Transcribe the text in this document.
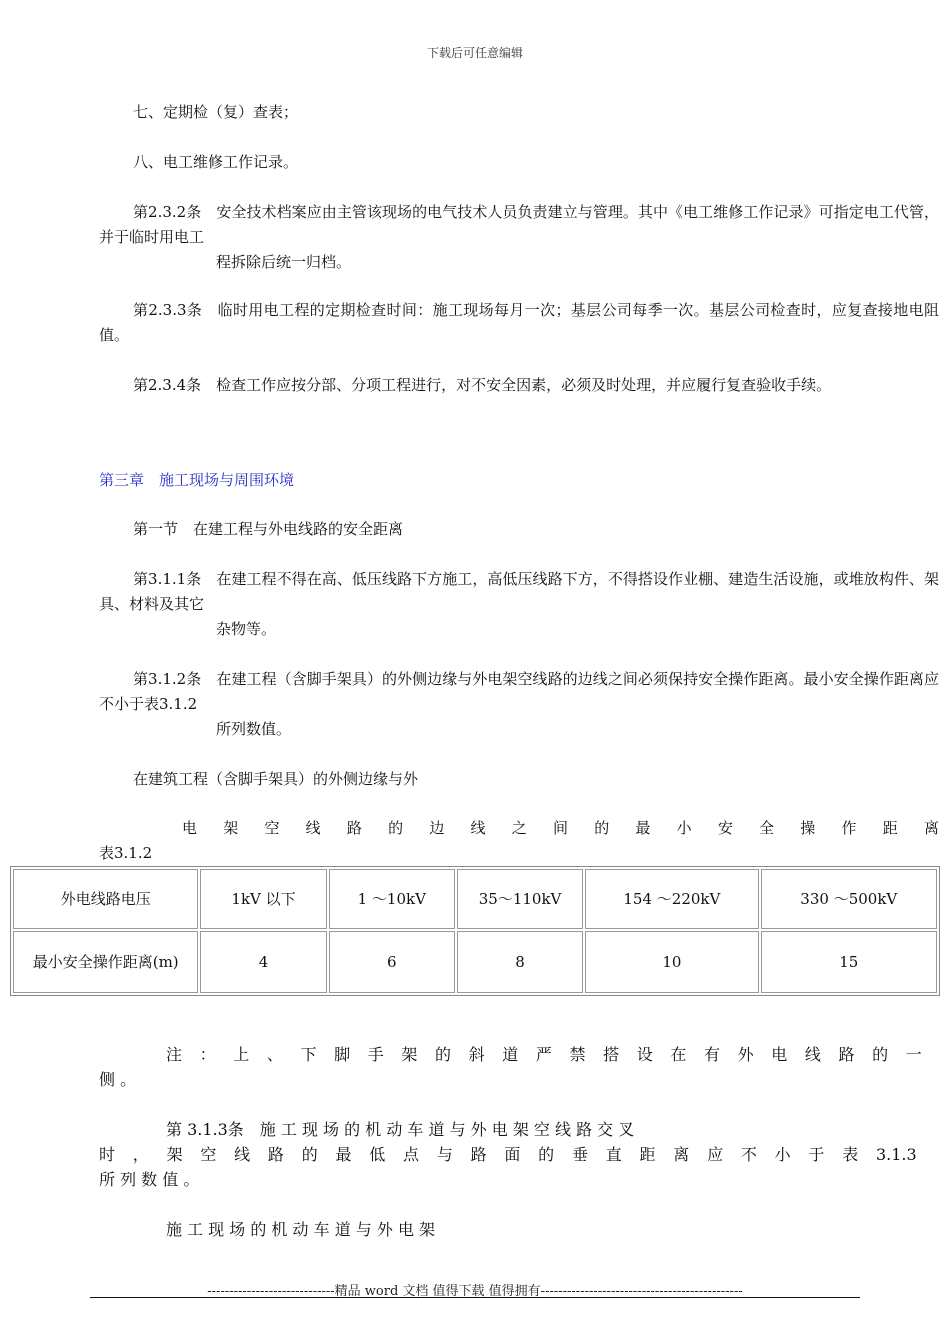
下载后可任意编辑

七、定期检（复）查表；

八、电工维修工作记录。

第2.3.2条　安全技术档案应由主管该现场的电气技术人员负责建立与管理。其中《电工维修工作记录》可指定电工代管，并于临时用电工
程拆除后统一归档。
第2.3.3条　临时用电工程的定期检查时间：施工现场每月一次；基层公司每季一次。基层公司检查时，应复查接地电阻值。
第2.3.4条　检查工作应按分部、分项工程进行，对不安全因素，必须及时处理，并应履行复查验收手续。

第三章　施工现场与周围环境

第一节　在建工程与外电线路的安全距离

第3.1.1条　在建工程不得在高、低压线路下方施工，高低压线路下方，不得搭设作业棚、建造生活设施，或堆放构件、架具、材料及其它
杂物等。
第3.1.2条　在建工程（含脚手架具）的外侧边缘与外电架空线路的边线之间必须保持安全操作距离。最小安全操作距离应不小于表3.1.2
所列数值。

在建筑工程（含脚手架具）的外侧边缘与外

电 架 空 线 路 的 边 线 之 间 的 最 小 安 全 操 作 距 离
表3.1.2
外电线路电压	1kV 以下	1 ～10kV	35～110kV	154 ～220kV	330 ～500kV
最小安全操作距离(m)	4	6	8	10	15
注 ： 上 、 下 脚 手 架 的 斜 道 严 禁 搭 设 在 有 外 电 线 路 的 一
侧 。
第 3.1.3条　施 工 现 场 的 机 动 车 道 与 外 电 架 空 线 路 交 叉
时 ， 架 空 线 路 的 最 低 点 与 路 面 的 垂 直 距 离 应 不 小 于 表 3.1.3
所 列 数 值 。
施 工 现 场 的 机 动 车 道 与 外 电 架
-----------------------------精品 word 文档 值得下载 值得拥有----------------------------------------------
